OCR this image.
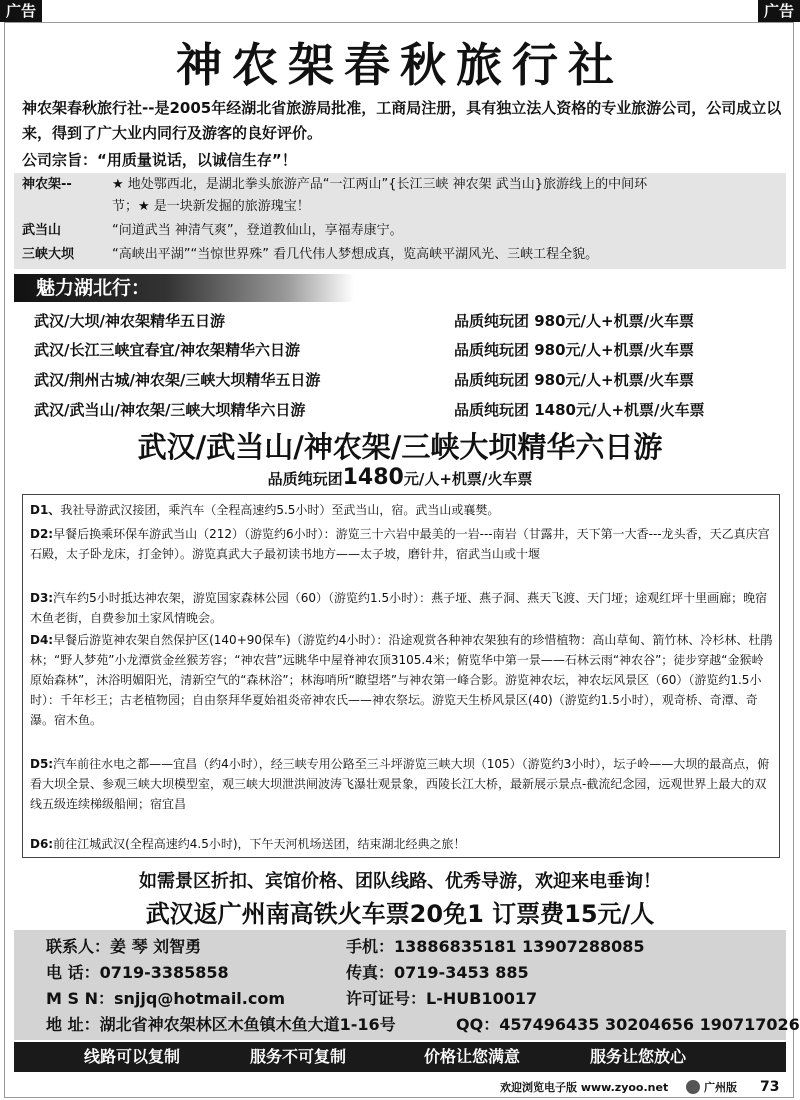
广告	广告
神农架春秋旅行社
神农架春秋旅行社--是2005年经湖北省旅游局批准，工商局注册，具有独立法人资格的专业旅游公司，公司成立以来，得到了广大业内同行及游客的良好评价。
公司宗旨：“用质量说话，以诚信生存”！
神农架--	★ 地处鄂西北，是湖北拳头旅游产品“一江两山”{长江三峡 神农架 武当山}旅游线上的中间环
节；★ 是一块新发掘的旅游瑰宝！
武当山	“问道武当 神清气爽”，登道教仙山，享福寿康宁。
三峡大坝	“高峡出平湖”“当惊世界殊” 看几代伟人梦想成真，览高峡平湖风光、三峡工程全貌。
魅力湖北行：
武汉/大坝/神农架精华五日游	品质纯玩团 980元/人+机票/火车票
武汉/长江三峡宜春宜/神农架精华六日游	品质纯玩团 980元/人+机票/火车票
武汉/荆州古城/神农架/三峡大坝精华五日游	品质纯玩团 980元/人+机票/火车票
武汉/武当山/神农架/三峡大坝精华六日游	品质纯玩团 1480元/人+机票/火车票
武汉/武当山/神农架/三峡大坝精华六日游
品质纯玩团1480元/人+机票/火车票
D1、我社导游武汉接团，乘汽车（全程高速约5.5小时）至武当山，宿。武当山或襄樊。
D2:早餐后换乘环保车游武当山（212）（游览约6小时）：游览三十六岩中最美的一岩---南岩（甘露井，天下第一大香---龙头香，天乙真庆宫石殿，太子卧龙床，打金钟）。游览真武大子最初读书地方——太子坡，磨针井，宿武当山或十堰
D3:汽车约5小时抵达神农架，游览国家森林公园（60）（游览约1.5小时）：燕子垭、燕子洞、燕天飞渡、天门垭；途观红坪十里画廊；晚宿木鱼老街，自费参加土家风情晚会。
D4:早餐后游览神农架自然保护区(140+90保车)（游览约4小时）：沿途观赏各种神农架独有的珍惜植物：高山草甸、箭竹林、冷杉林、杜鹃林；“野人梦苑”小龙潭赏金丝猴芳容；“神农营”远眺华中屋脊神农顶3105.4米；俯览华中第一景——石林云雨“神农谷”；徒步穿越“金猴岭原始森林”，沐浴明媚阳光，清新空气的“森林浴”；林海哨所“瞭望塔”与神农第一峰合影。游览神农坛，神农坛风景区（60）（游览约1.5小时）：千年杉王；古老植物园；自由祭拜华夏始祖炎帝神农氏——神农祭坛。游览天生桥风景区(40)（游览约1.5小时），观奇桥、奇潭、奇瀑。宿木鱼。
D5:汽车前往水电之都——宜昌（约4小时），经三峡专用公路至三斗坪游览三峡大坝（105）（游览约3小时），坛子岭——大坝的最高点，俯看大坝全景、参观三峡大坝模型室，观三峡大坝泄洪闸波涛飞瀑壮观景象，西陵长江大桥，最新展示景点-截流纪念园，远观世界上最大的双线五级连续梯级船闸；宿宜昌
D6:前往江城武汉(全程高速约4.5小时)，下午天河机场送团，结束湖北经典之旅！
如需景区折扣、宾馆价格、团队线路、优秀导游，欢迎来电垂询！
武汉返广州南高铁火车票20免1 订票费15元/人
联系人：姜 琴 刘智勇	手机：13886835181 13907288085
电 话：0719-3385858	传真：0719-3453 885
M S N：snjjq@hotmail.com	许可证号：L-HUB10017
地 址：湖北省神农架林区木鱼镇木鱼大道1-16号	QQ：457496435 30204656 190717026
线路可以复制	服务不可复制	价格让您满意	服务让您放心
欢迎浏览电子版 www.zyoo.net	广州版 73
